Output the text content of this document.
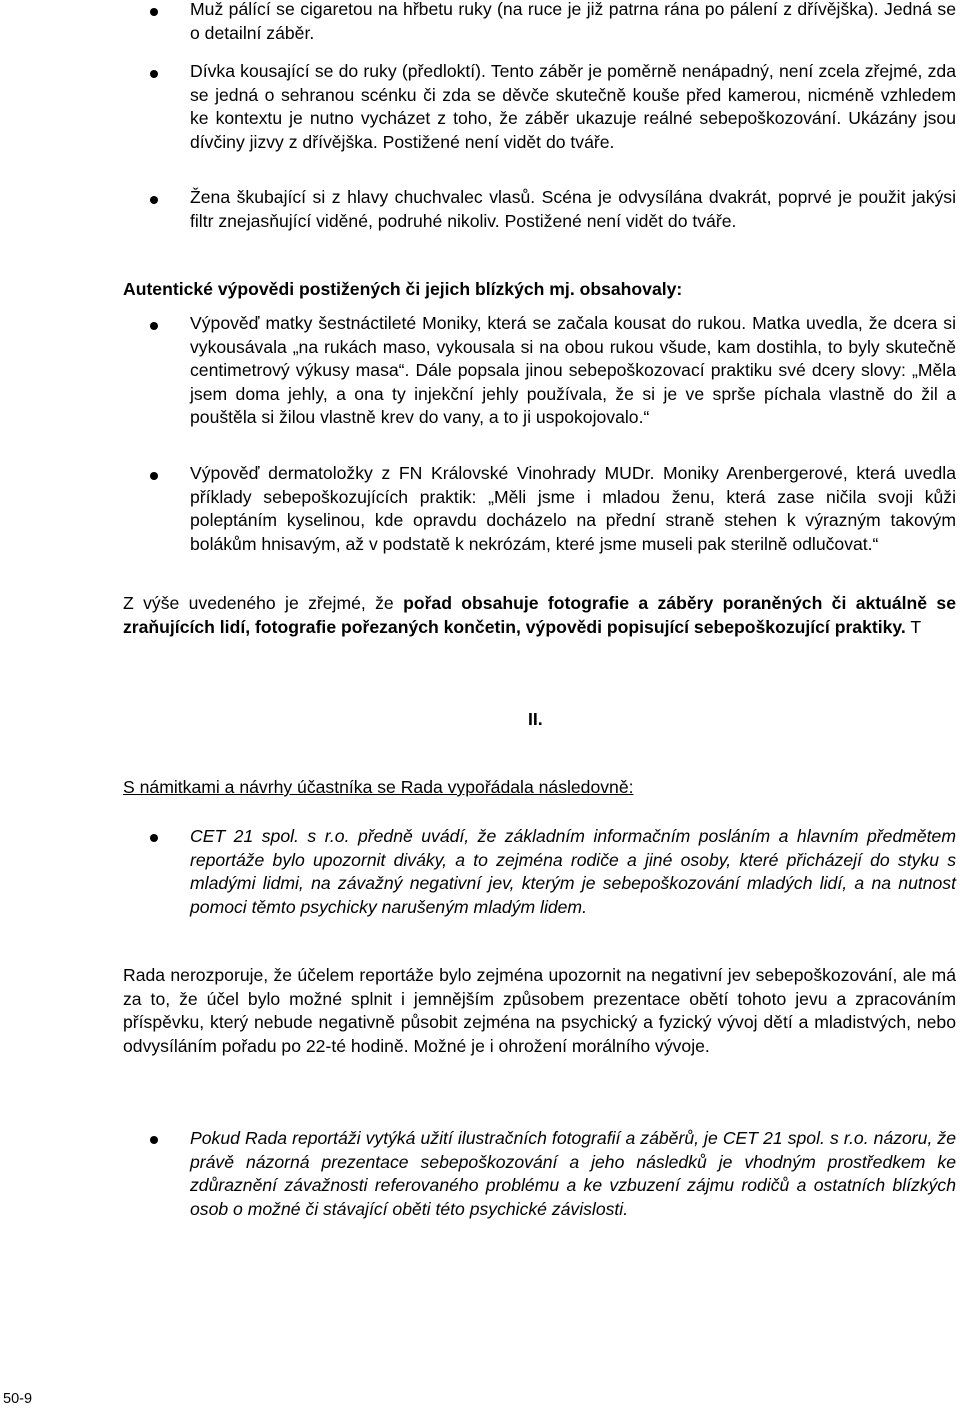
Muž pálící se cigaretou na hřbetu ruky (na ruce je již patrna rána po pálení z dřívějška). Jedná se o detailní záběr.

Dívka kousající se do ruky (předloktí). Tento záběr je poměrně nenápadný, není zcela zřejmé, zda se jedná o sehranou scénku či zda se děvče skutečně kouše před kamerou, nicméně vzhledem ke kontextu je nutno vycházet z toho, že záběr ukazuje reálné sebepoškozování. Ukázány jsou dívčiny jizvy z dřívějška. Postižené není vidět do tváře.

Žena škubající si z hlavy chuchvalec vlasů. Scéna je odvysílána dvakrát, poprvé je použit jakýsi filtr znejasňující viděné, podruhé nikoliv. Postižené není vidět do tváře.

Autentické výpovědi postižených či jejich blízkých mj. obsahovaly:

Výpověď matky šestnáctileté Moniky, která se začala kousat do rukou. Matka uvedla, že dcera si vykousávala „na rukách maso, vykousala si na obou rukou všude, kam dostihla, to byly skutečně centimetrový výkusy masa“. Dále popsala jinou sebepoškozovací praktiku své dcery slovy: „Měla jsem doma jehly, a ona ty injekční jehly používala, že si je ve sprše píchala vlastně do žil a pouštěla si žilou vlastně krev do vany, a to ji uspokojovalo.“

Výpověď dermatoložky z FN Královské Vinohrady MUDr. Moniky Arenbergerové, která uvedla příklady sebepoškozujících praktik: „Měli jsme i mladou ženu, která zase ničila svoji kůži poleptáním kyselinou, kde opravdu docházelo na přední straně stehen k výrazným takovým bolákům hnisavým, až v podstatě k nekrózám, které jsme museli pak sterilně odlučovat.“

Z výše uvedeného je zřejmé, že pořad obsahuje fotografie a záběry poraněných či aktuálně se zraňujících lidí, fotografie pořezaných končetin, výpovědi popisující sebepoškozující praktiky. T

II.

S námitkami a návrhy účastníka se Rada vypořádala následovně:

CET 21 spol. s r.o. předně uvádí, že základním informačním posláním a hlavním předmětem reportáže bylo upozornit diváky, a to zejména rodiče a jiné osoby, které přicházejí do styku s mladými lidmi, na závažný negativní jev, kterým je sebepoškozování mladých lidí, a na nutnost pomoci těmto psychicky narušeným mladým lidem.

Rada nerozporuje, že účelem reportáže bylo zejména upozornit na negativní jev sebepoškozování, ale má za to, že účel bylo možné splnit i jemnějším způsobem prezentace obětí tohoto jevu a zpracováním příspěvku, který nebude negativně působit zejména na psychický a fyzický vývoj dětí a mladistvých, nebo odvysíláním pořadu po 22-té hodině. Možné je i ohrožení morálního vývoje.

Pokud Rada reportáži vytýká užití ilustračních fotografií a záběrů, je CET 21 spol. s r.o. názoru, že právě názorná prezentace sebepoškozování a jeho následků je vhodným prostředkem ke zdůraznění závažnosti referovaného problému a ke vzbuzení zájmu rodičů a ostatních blízkých osob o možné či stávající oběti této psychické závislosti.

50-9
